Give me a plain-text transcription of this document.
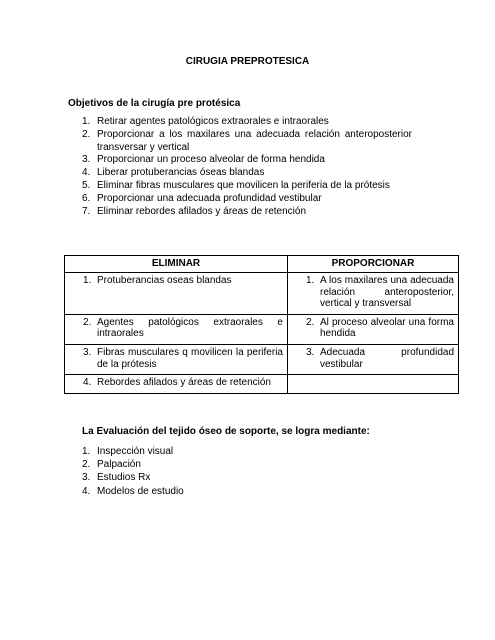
CIRUGIA PREPROTESICA
Objetivos de la cirugía pre protésica
1. Retirar agentes patológicos extraorales e intraorales
2. Proporcionar a los maxilares una adecuada relación anteroposterior transversar y vertical
3. Proporcionar un proceso alveolar de forma hendida
4. Liberar protuberancias óseas blandas
5. Eliminar fibras musculares que movilicen la periferia de la prótesis
6. Proporcionar una adecuada profundidad vestibular
7. Eliminar rebordes afilados y áreas de retención
ELIMINAR	PROPORCIONAR

1. Protuberancias oseas blandas	1. A los maxilares una adecuada relación anteroposterior, vertical y transversal

2. Agentes patológicos extraorales e intraorales	2. Al proceso alveolar una forma hendida

3. Fibras musculares q movilicen la periferia de la prótesis	3. Adecuada profundidad vestibular

4. Rebordes afilados y áreas de retención	

La Evaluación del tejido óseo de soporte, se logra mediante:
1. Inspección visual
2. Palpación
3. Estudios Rx
4. Modelos de estudio
